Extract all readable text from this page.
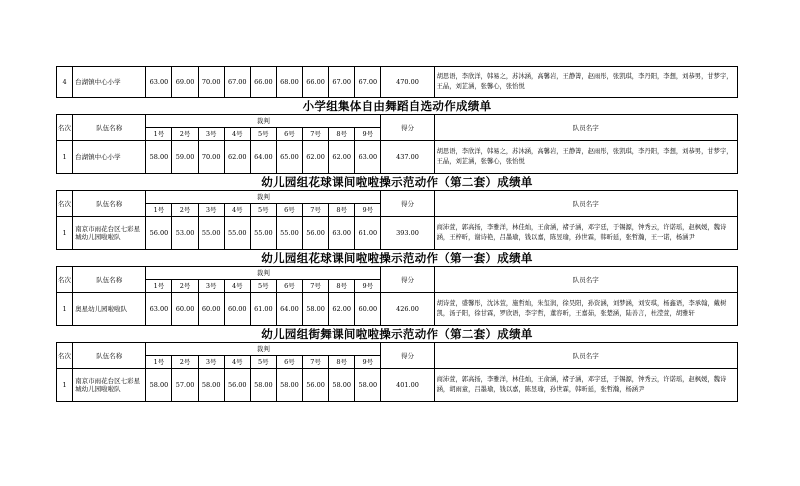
4	台湖镇中心小学	63.00	69.00	70.00	67.00	66.00	68.00	66.00	67.00	67.00	470.00	胡思语，李欣洋，韩易之，苏沐涵，高馨岩，王静箐，赵雨彤，张凯琪，李丹阳，李想，刘恭男，甘梦宇，王晶，刘芷涵，张馨心，张怡悦
小学组集体自由舞蹈自选动作成绩单												
名次	队伍名称	裁判									得分	队员名字
		1号	2号	3号	4号	5号	6号	7号	8号	9号		
1	台湖镇中心小学	58.00	59.00	70.00	62.00	64.00	65.00	62.00	62.00	63.00	437.00	胡思语，李欣洋，韩易之，苏沐涵，高馨岩，王静箐，赵雨彤，张凯琪，李丹阳，李想，刘恭男，甘梦宇，王晶，刘芷涵，张馨心，张怡悦
幼儿园组花球课间啦啦操示范动作（第二套）成绩单												
名次	队伍名称	裁判									得分	队员名字
		1号	2号	3号	4号	5号	6号	7号	8号	9号		
1	南京市雨花台区七彩星城幼儿园啦啦队	56.00	53.00	55.00	55.00	55.00	55.00	56.00	63.00	61.00	393.00	商沛萱，郭高扬，李雅洋，林佳灿，王俞涵，褚子涵，邓宇廷，于锡源，钟秀云，许诺瑶，赵枫媛，魏诗涵，王梓昕，谢诗艳，吕墨瑜，钱以嘉，陈昱瑜，孙世霖，韩昕延，张哲瀚，王一诺，杨涵尹
幼儿园组花球课间啦啦操示范动作（第一套）成绩单												
名次	队伍名称	裁判									得分	队员名字
		1号	2号	3号	4号	5号	6号	7号	8号	9号		
1	奥星幼儿园啦啦队	63.00	60.00	60.00	60.00	61.00	64.00	58.00	62.00	60.00	426.00	胡诗萱，盛馨彤，沈沐萱，施哲灿，朱玺润，徐昊阳，孙资涵，刘梦涵，刘安琪，杨鑫语，李承翰，戴树凯，汤子阳，徐甘霖，罗欣语，李宇哲，董容昕，王嘉茹，张楚涵，陆善言，杜滢萱，胡雅轩
幼儿园组街舞课间啦啦操示范动作（第二套）成绩单												
名次	队伍名称	裁判									得分	队员名字
		1号	2号	3号	4号	5号	6号	7号	8号	9号		
1	南京市雨花台区七彩星城幼儿园啦啦队	58.00	57.00	58.00	56.00	58.00	58.00	56.00	58.00	58.00	401.00	商沛萱，郭高扬，李雅洋，林佳灿，王俞涵，褚子涵，邓宇廷，于锡源，钟秀云，许诺瑶，赵枫媛，魏诗涵，胡雨童，吕墨瑜，钱以嘉，陈昱瑜，孙世霖，韩昕延，张哲瀚，杨涵尹
